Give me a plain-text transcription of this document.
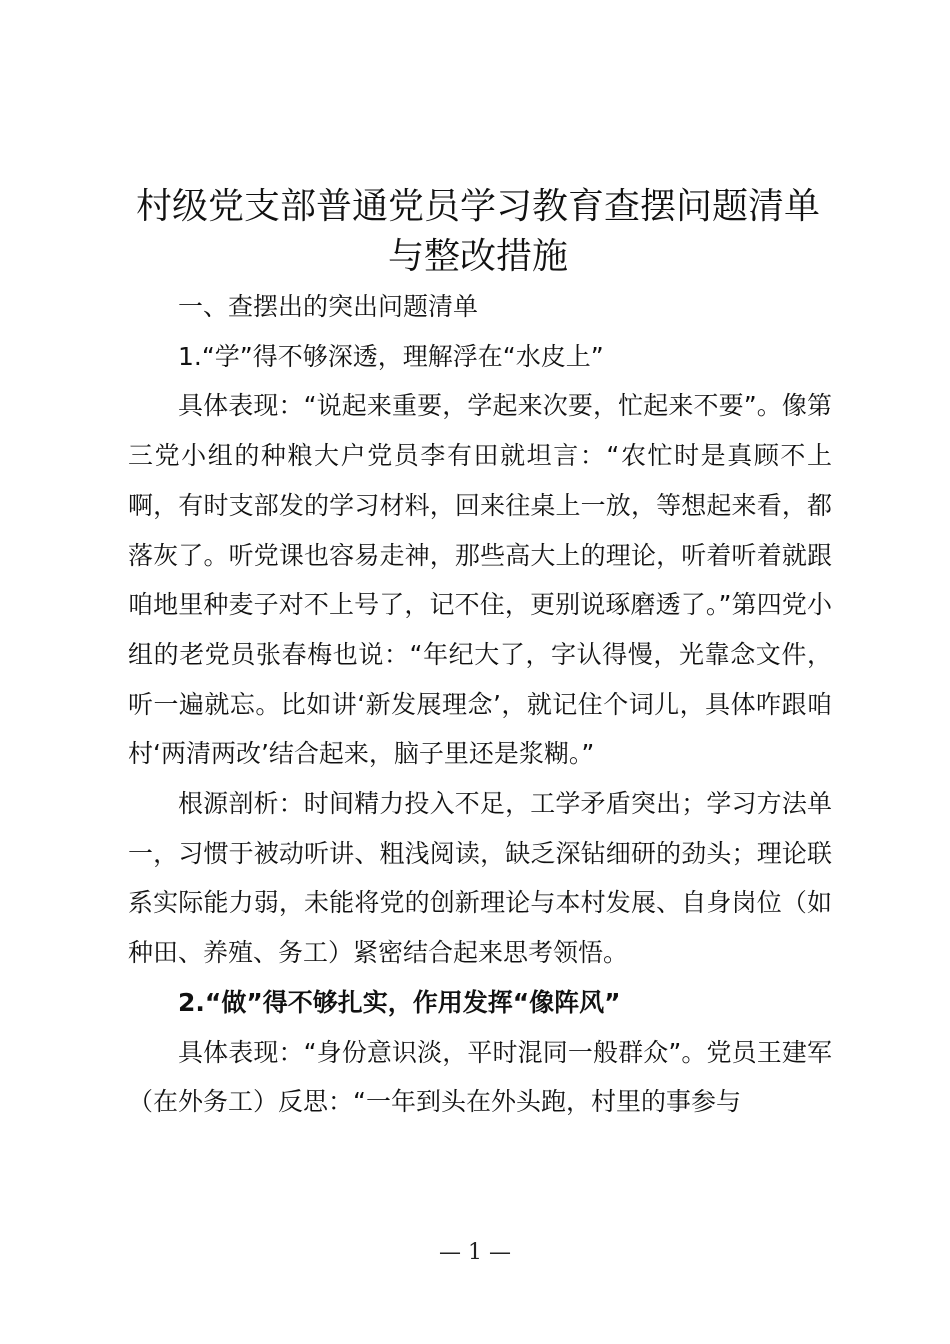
村级党支部普通党员学习教育查摆问题清单与整改措施

一、查摆出的突出问题清单

1.“学”得不够深透，理解浮在“水皮上”

具体表现：“说起来重要，学起来次要，忙起来不要”。像第三党小组的种粮大户党员李有田就坦言：“农忙时是真顾不上啊，有时支部发的学习材料，回来往桌上一放，等想起来看，都落灰了。听党课也容易走神，那些高大上的理论，听着听着就跟咱地里种麦子对不上号了，记不住，更别说琢磨透了。”第四党小组的老党员张春梅也说：“年纪大了，字认得慢，光靠念文件，听一遍就忘。比如讲‘新发展理念’，就记住个词儿，具体咋跟咱村‘两清两改’结合起来，脑子里还是浆糊。”

根源剖析：时间精力投入不足，工学矛盾突出；学习方法单一，习惯于被动听讲、粗浅阅读，缺乏深钻细研的劲头；理论联系实际能力弱，未能将党的创新理论与本村发展、自身岗位（如种田、养殖、务工）紧密结合起来思考领悟。

2.“做”得不够扎实，作用发挥“像阵风”

具体表现：“身份意识淡，平时混同一般群众”。党员王建军（在外务工）反思：“一年到头在外头跑，村里的事参与

— 1 —
